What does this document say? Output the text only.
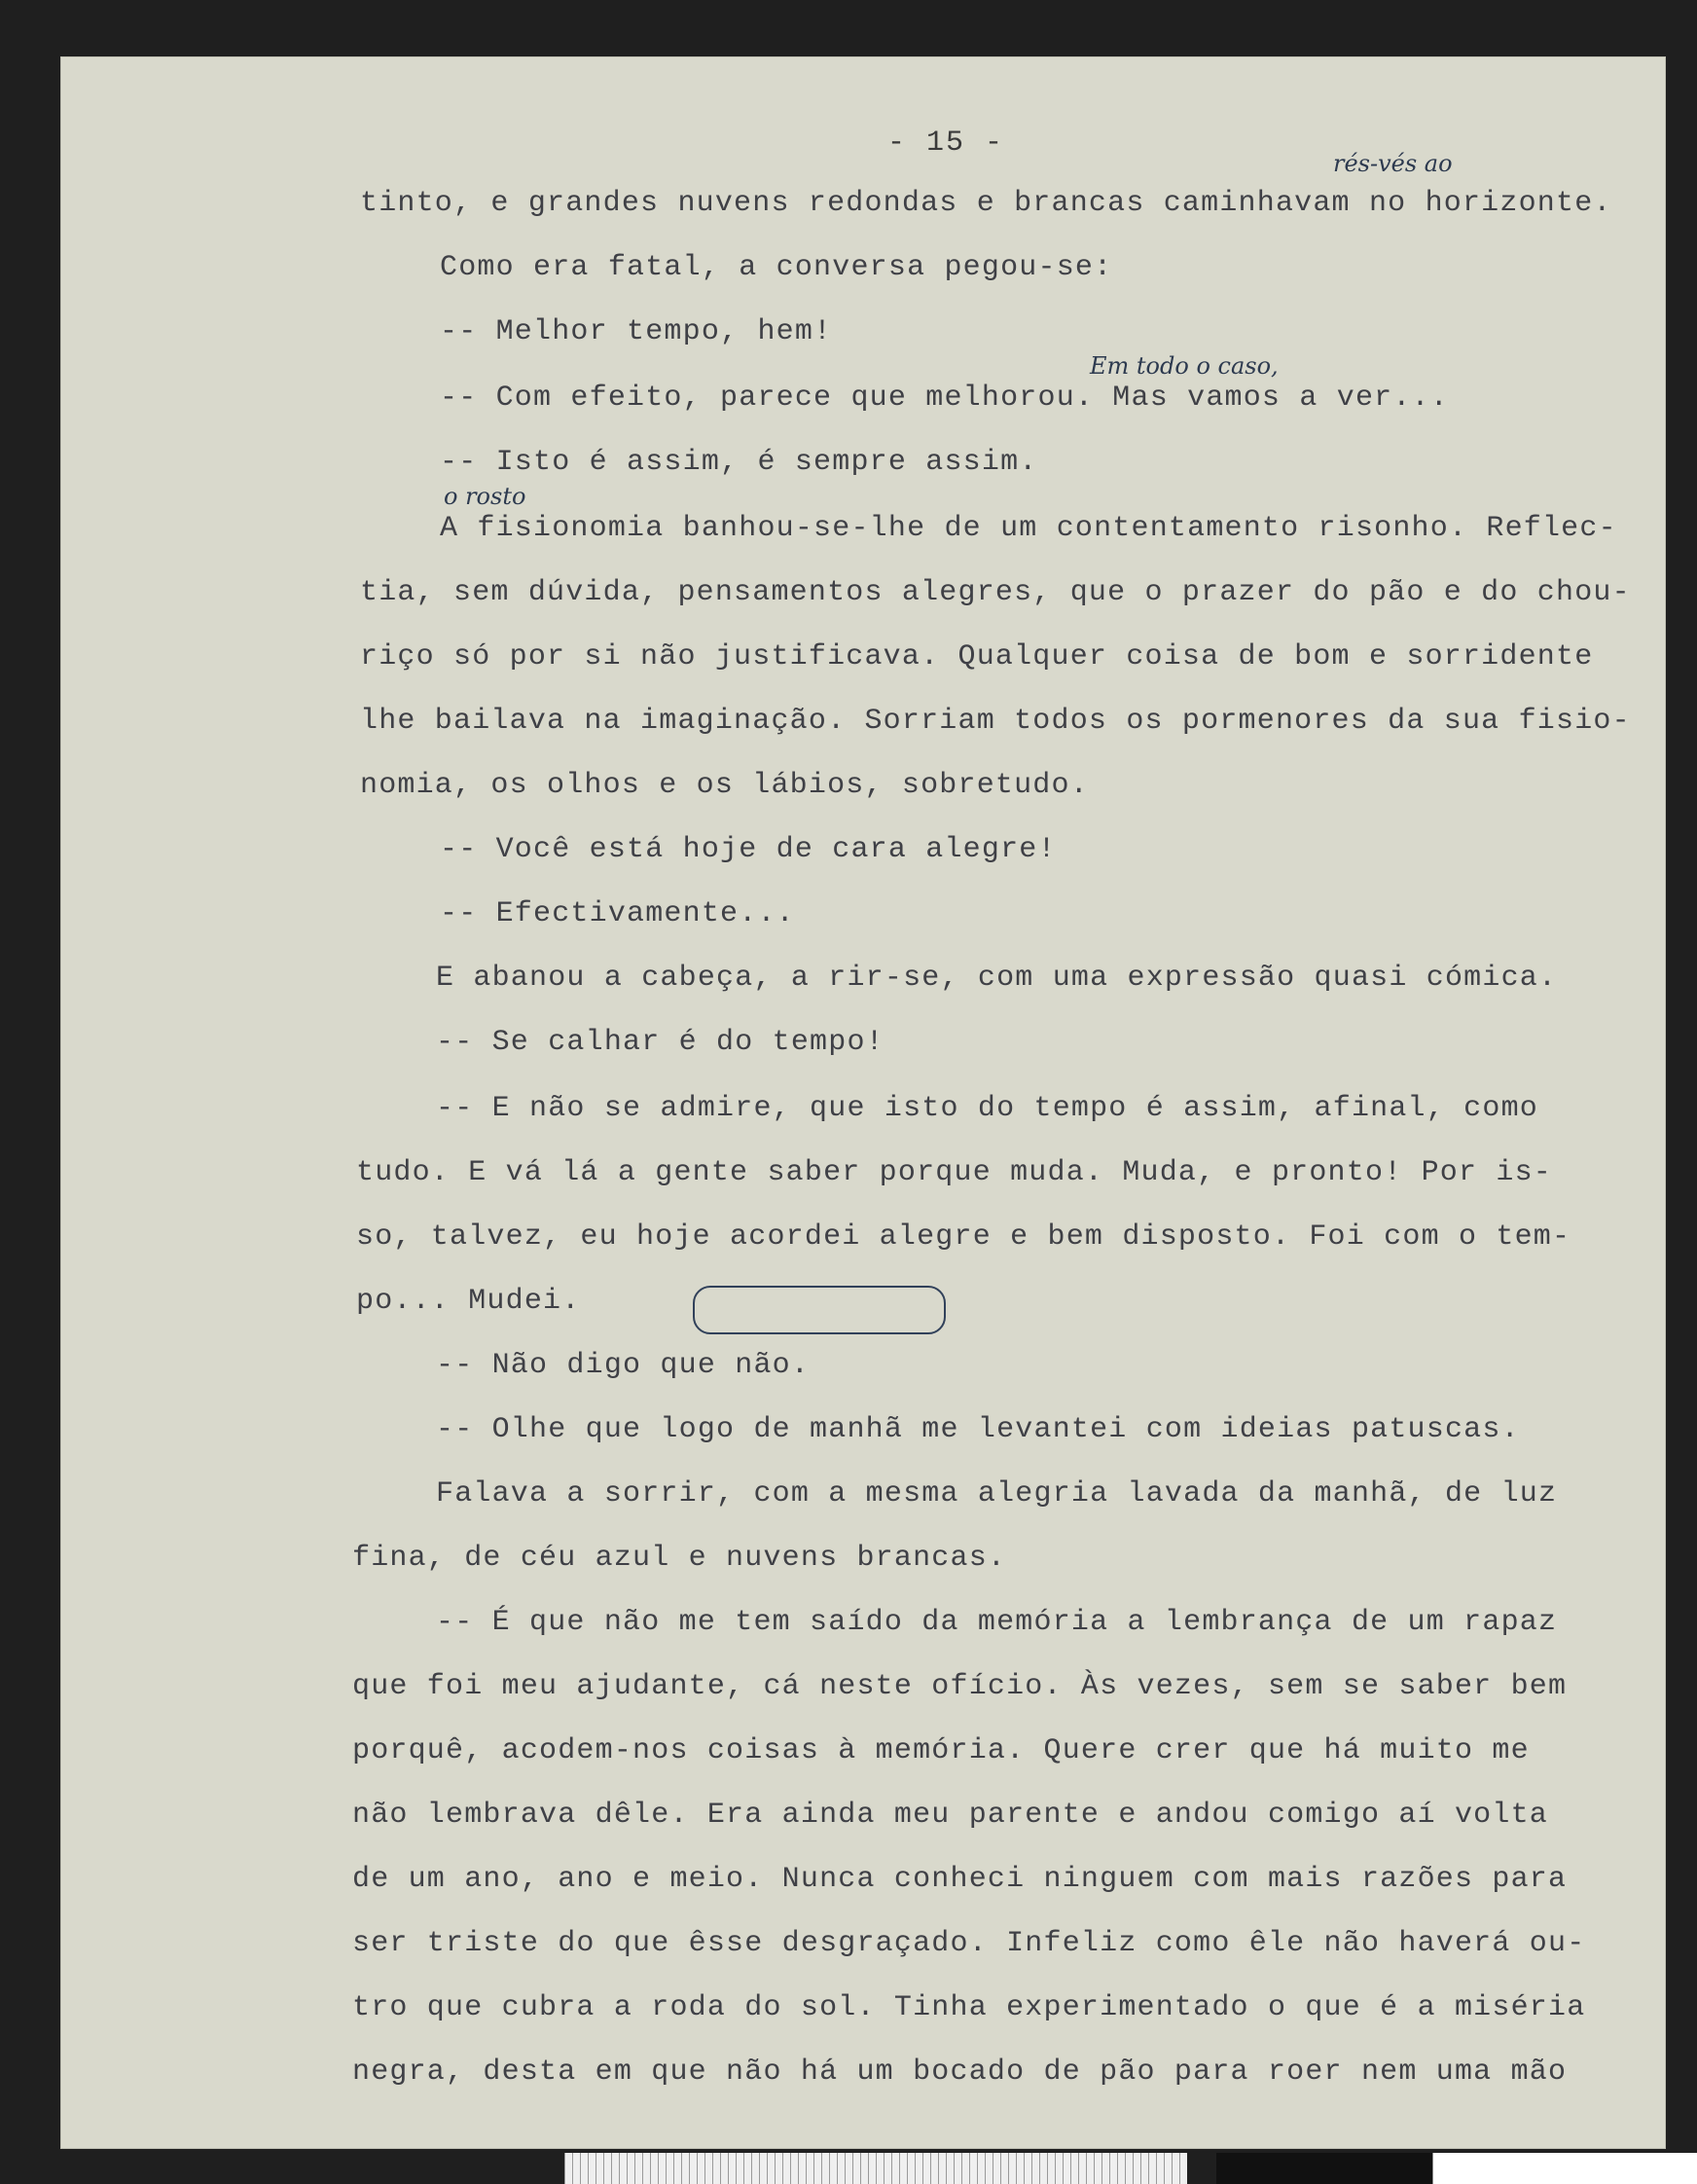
- 15 -
rés-vés ao
Em todo o caso,
o rosto
tinto, e grandes nuvens redondas e brancas caminhavam no horizonte.
Como era fatal, a conversa pegou-se:
-- Melhor tempo, hem!
-- Com efeito, parece que melhorou. Mas vamos a ver...
-- Isto é assim, é sempre assim.
A fisionomia banhou-se-lhe de um contentamento risonho. Reflec-
tia, sem dúvida, pensamentos alegres, que o prazer do pão e do chou-
riço só por si não justificava. Qualquer coisa de bom e sorridente
lhe bailava na imaginação. Sorriam todos os pormenores da sua fisio-
nomia, os olhos e os lábios, sobretudo.
-- Você está hoje de cara alegre!
-- Efectivamente...
E abanou a cabeça, a rir-se, com uma expressão quasi cómica.
-- Se calhar é do tempo!
-- E não se admire, que isto do tempo é assim, afinal, como
tudo. E vá lá a gente saber porque muda. Muda, e pronto! Por is-
so, talvez, eu hoje acordei alegre e bem disposto. Foi com o tem-
po... Mudei.
-- Não digo que não.
-- Olhe que logo de manhã me levantei com ideias patuscas.
Falava a sorrir, com a mesma alegria lavada da manhã, de luz
fina, de céu azul e nuvens brancas.
-- É que não me tem saído da memória a lembrança de um rapaz
que foi meu ajudante, cá neste ofício. Às vezes, sem se saber bem
porquê, acodem-nos coisas à memória. Quere crer que há muito me
não lembrava dêle. Era ainda meu parente e andou comigo aí volta
de um ano, ano e meio. Nunca conheci ninguem com mais razões para
ser triste do que êsse desgraçado. Infeliz como êle não haverá ou-
tro que cubra a roda do sol. Tinha experimentado o que é a miséria
negra, desta em que não há um bocado de pão para roer nem uma mão
